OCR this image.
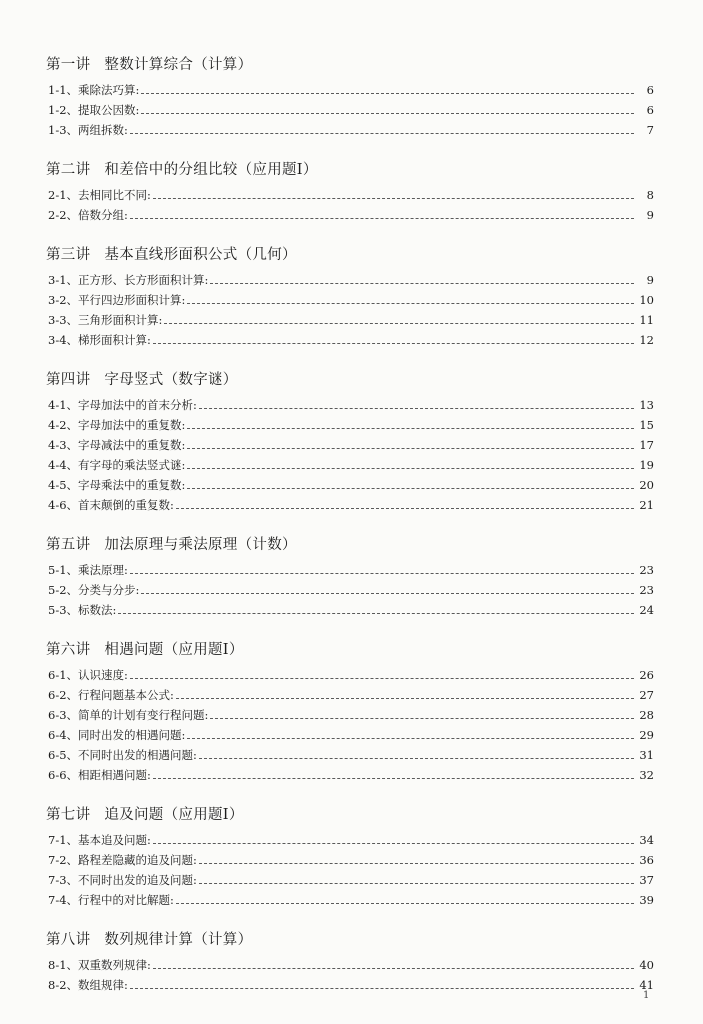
第一讲 整数计算综合（计算）
1-1、乘除法巧算:	6
1-2、提取公因数:	6
1-3、两组拆数:	7
第二讲 和差倍中的分组比较（应用题Ⅰ）
2-1、去相同比不同:	8
2-2、倍数分组:	9
第三讲 基本直线形面积公式（几何）
3-1、正方形、长方形面积计算:	9
3-2、平行四边形面积计算:	10
3-3、三角形面积计算:	11
3-4、梯形面积计算:	12
第四讲 字母竖式（数字谜）
4-1、字母加法中的首末分析:	13
4-2、字母加法中的重复数:	15
4-3、字母减法中的重复数:	17
4-4、有字母的乘法竖式谜:	19
4-5、字母乘法中的重复数:	20
4-6、首末颠倒的重复数:	21
第五讲 加法原理与乘法原理（计数）
5-1、乘法原理:	23
5-2、分类与分步:	23
5-3、标数法:	24
第六讲 相遇问题（应用题Ⅰ）
6-1、认识速度:	26
6-2、行程问题基本公式:	27
6-3、简单的计划有变行程问题:	28
6-4、同时出发的相遇问题:	29
6-5、不同时出发的相遇问题:	31
6-6、相距相遇问题:	32
第七讲 追及问题（应用题Ⅰ）
7-1、基本追及问题:	34
7-2、路程差隐藏的追及问题:	36
7-3、不同时出发的追及问题:	37
7-4、行程中的对比解题:	39
第八讲 数列规律计算（计算）
8-1、双重数列规律:	40
8-2、数组规律:	41
1
